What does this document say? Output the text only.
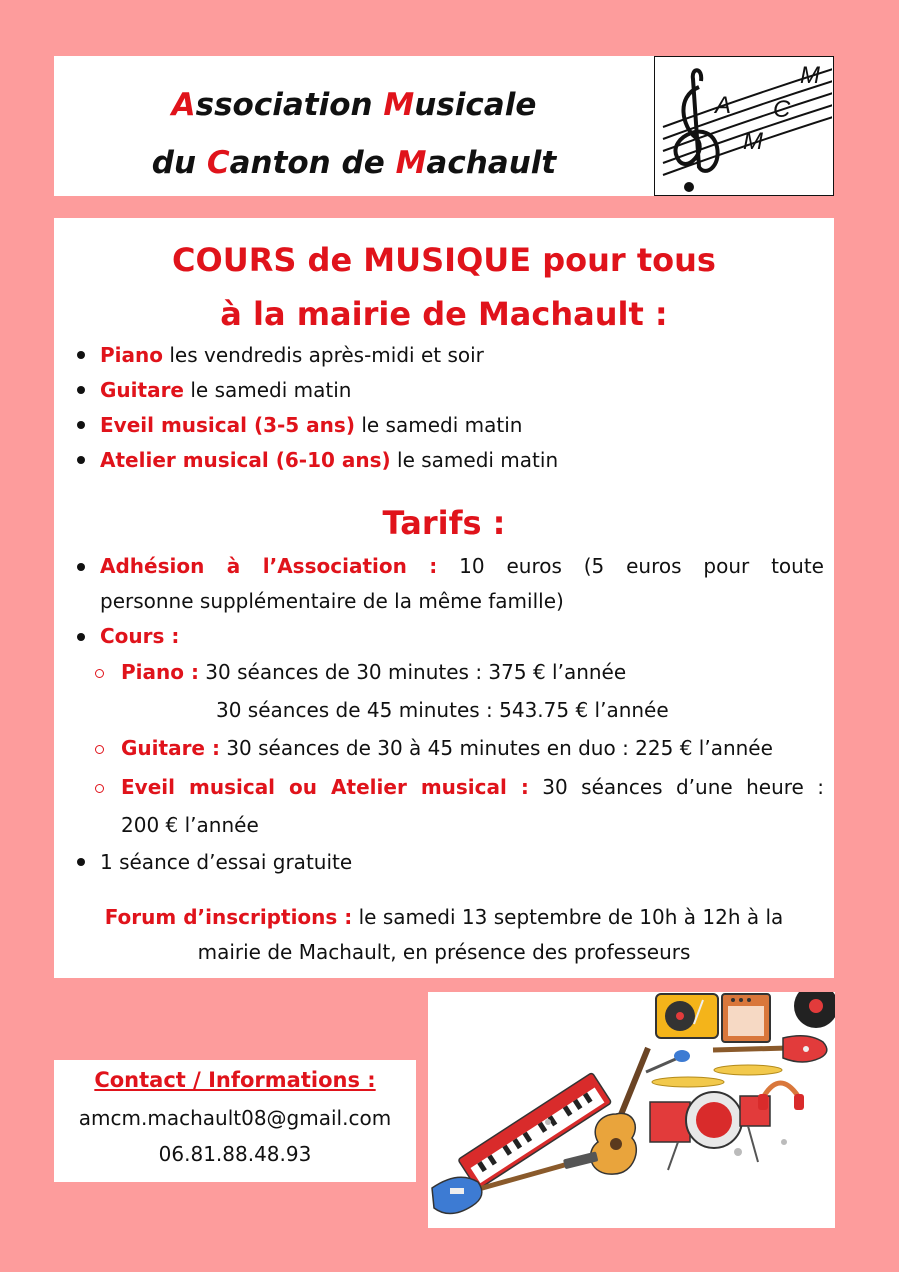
Association Musicale
du Canton de Machault
A C
M
M
COURS de MUSIQUE pour tous
à la mairie de Machault :
Piano les vendredis après-midi et soir
Guitare le samedi matin
Eveil musical (3-5 ans) le samedi matin
Atelier musical (6-10 ans) le samedi matin
Tarifs :
Adhésion à l’Association : 10 euros (5 euros pour toute
personne supplémentaire de la même famille)
Cours :
Piano : 30 séances de 30 minutes : 375 € l’année
30 séances de 45 minutes : 543.75 € l’année
Guitare : 30 séances de 30 à 45 minutes en duo : 225 € l’année
Eveil musical ou Atelier musical : 30 séances d’une heure :
200 € l’année
1 séance d’essai gratuite
Forum d’inscriptions : le samedi 13 septembre de 10h à 12h à la
mairie de Machault, en présence des professeurs
Contact / Informations :
amcm.machault08@gmail.com
06.81.88.48.93
